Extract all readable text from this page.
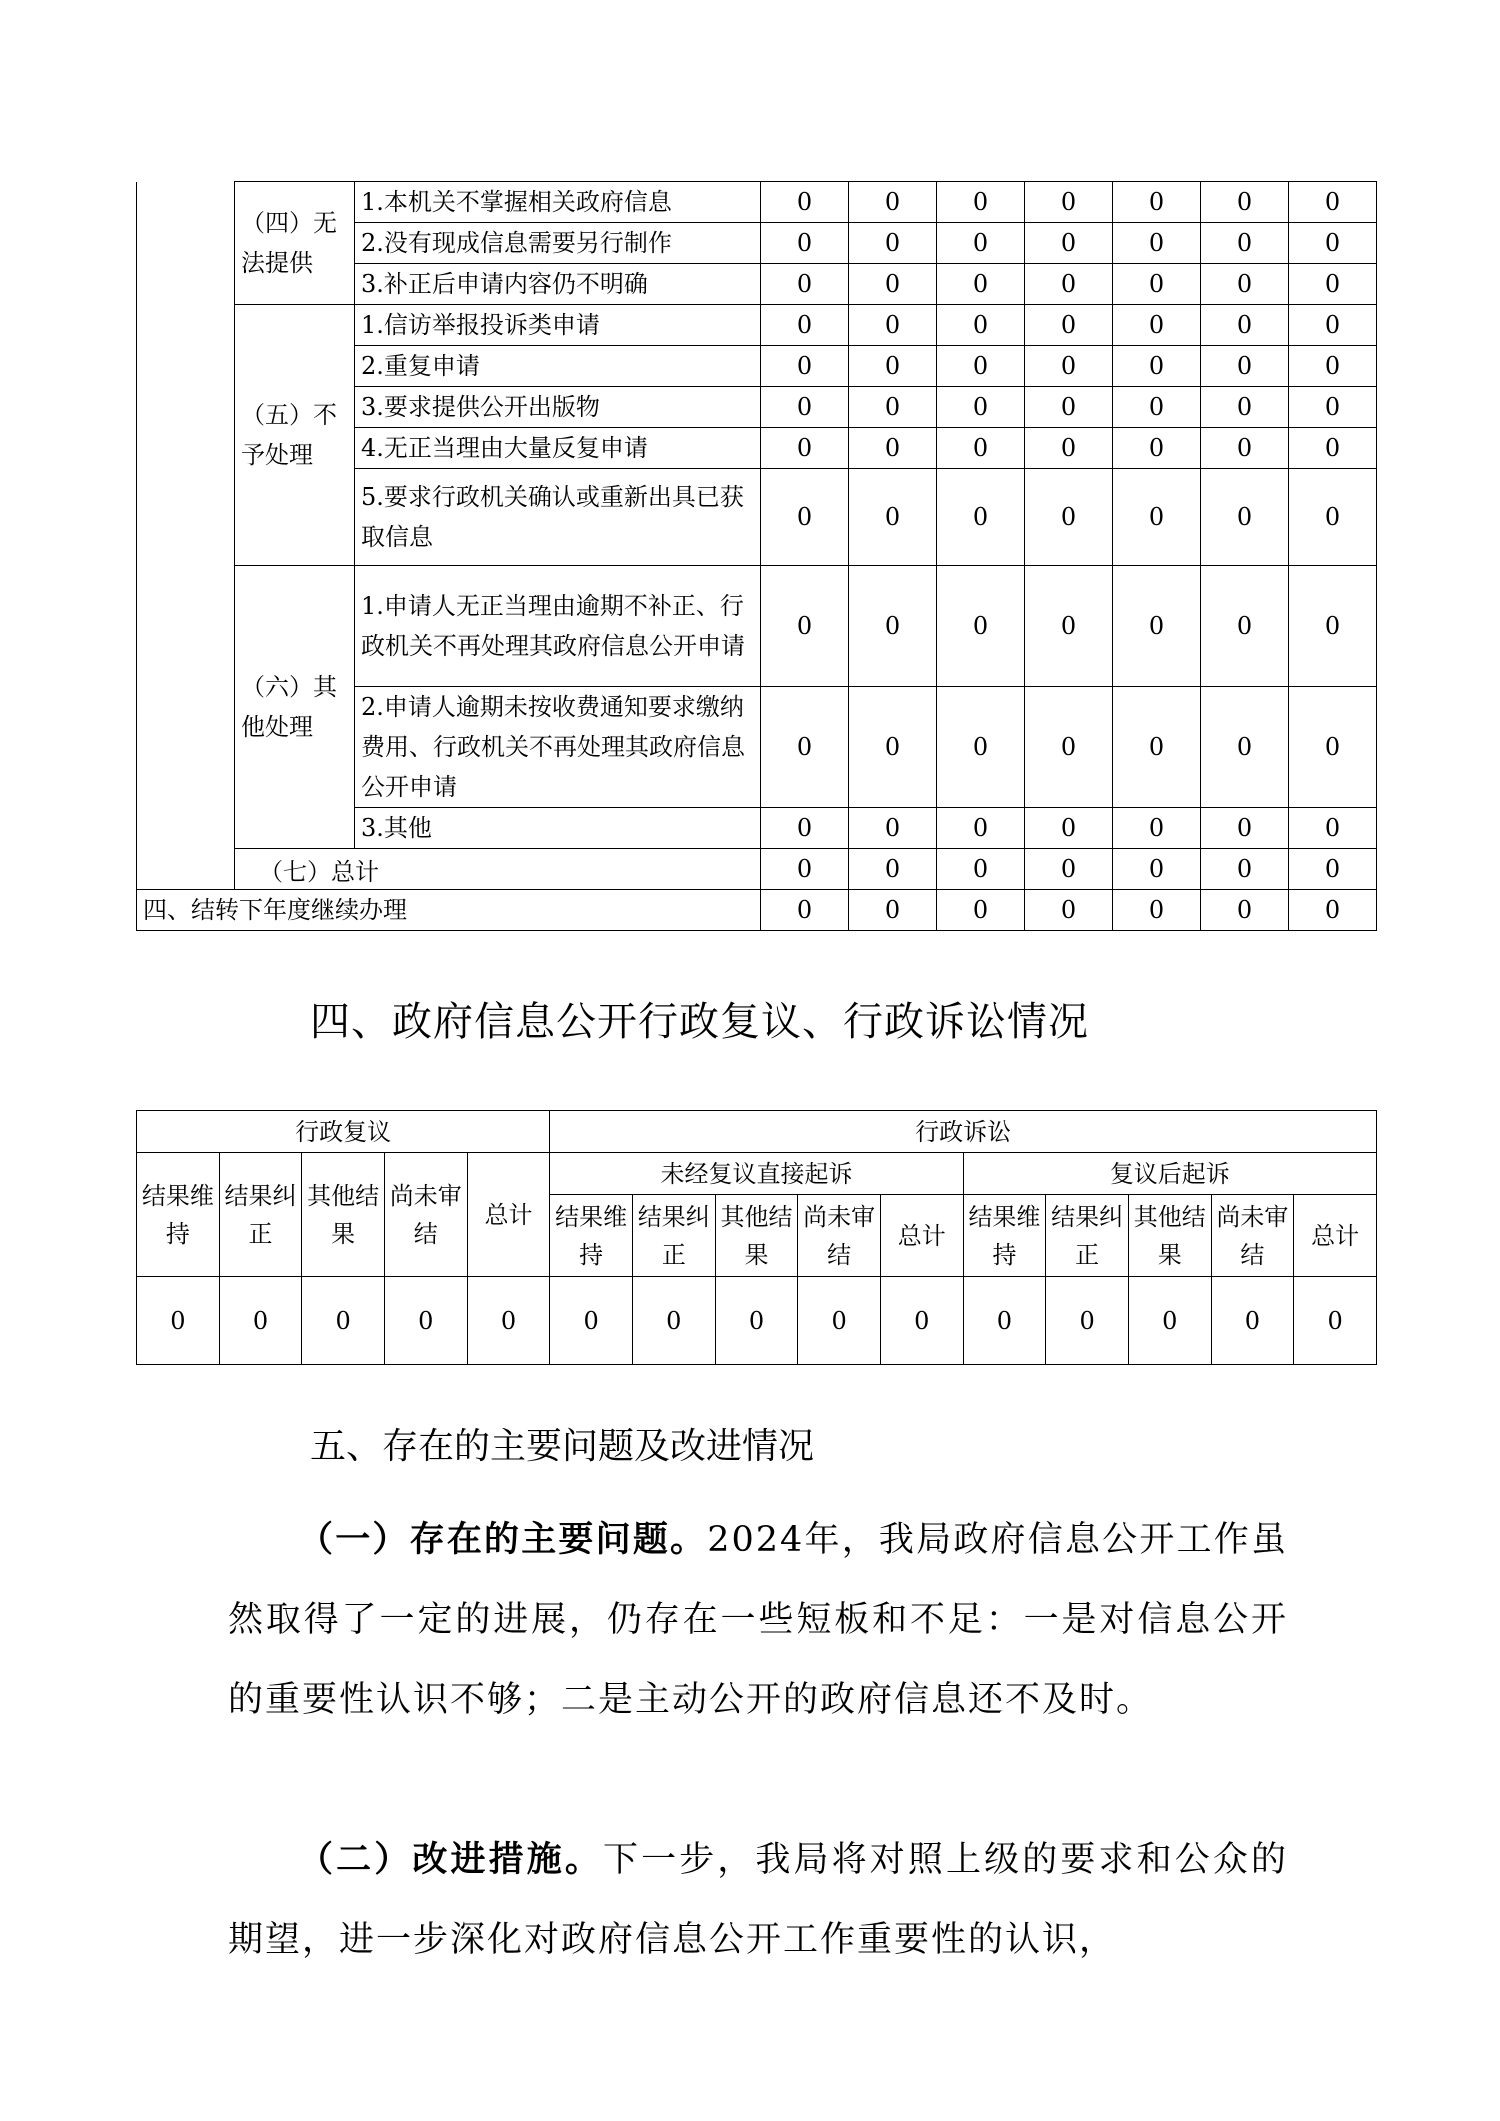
	（四）无法提供	1.本机关不掌握相关政府信息	0	0	0	0	0	0	0
		2.没有现成信息需要另行制作	0	0	0	0	0	0	0
		3.补正后申请内容仍不明确	0	0	0	0	0	0	0
	（五）不予处理	1.信访举报投诉类申请	0	0	0	0	0	0	0
		2.重复申请	0	0	0	0	0	0	0
		3.要求提供公开出版物	0	0	0	0	0	0	0
		4.无正当理由大量反复申请	0	0	0	0	0	0	0
		5.要求行政机关确认或重新出具已获取信息	0	0	0	0	0	0	0
	（六）其他处理	1.申请人无正当理由逾期不补正、行政机关不再处理其政府信息公开申请	0	0	0	0	0	0	0
		2.申请人逾期未按收费通知要求缴纳费用、行政机关不再处理其政府信息公开申请	0	0	0	0	0	0	0
		3.其他	0	0	0	0	0	0	0
	（七）总计		0	0	0	0	0	0	0
四、结转下年度继续办理			0	0	0	0	0	0	0
四、政府信息公开行政复议、行政诉讼情况
行政复议					行政诉讼									
结果维持	结果纠正	其他结果	尚未审结	总计	未经复议直接起诉					复议后起诉				
					结果维持	结果纠正	其他结果	尚未审结	总计	结果维持	结果纠正	其他结果	尚未审结	总计
0	0	0	0	0	0	0	0	0	0	0	0	0	0	0
五、存在的主要问题及改进情况
（一）存在的主要问题。2024年，我局政府信息公开工作虽然取得了一定的进展，仍存在一些短板和不足：一是对信息公开的重要性认识不够；二是主动公开的政府信息还不及时。
（二）改进措施。下一步，我局将对照上级的要求和公众的期望，进一步深化对政府信息公开工作重要性的认识，
